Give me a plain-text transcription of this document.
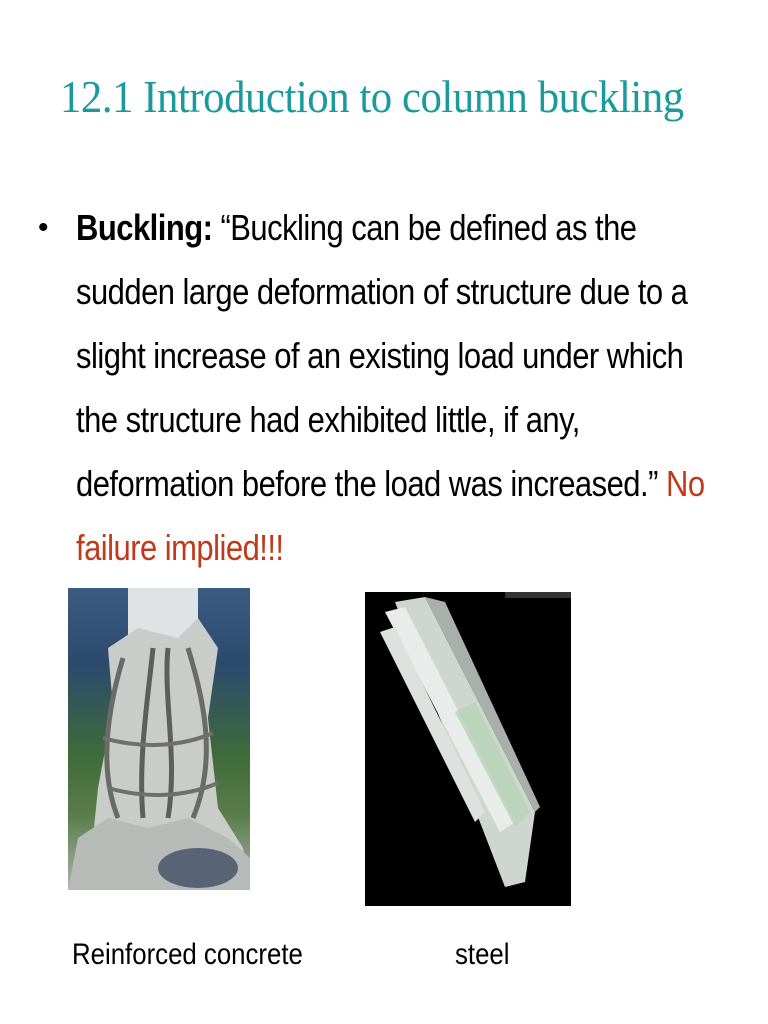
12.1 Introduction to column buckling
• Buckling: “Buckling can be defined as the sudden large deformation of structure due to a slight increase of an existing load under which the structure had exhibited little, if any, deformation before the load was increased.” No failure implied!!!
Reinforced concrete	steel
